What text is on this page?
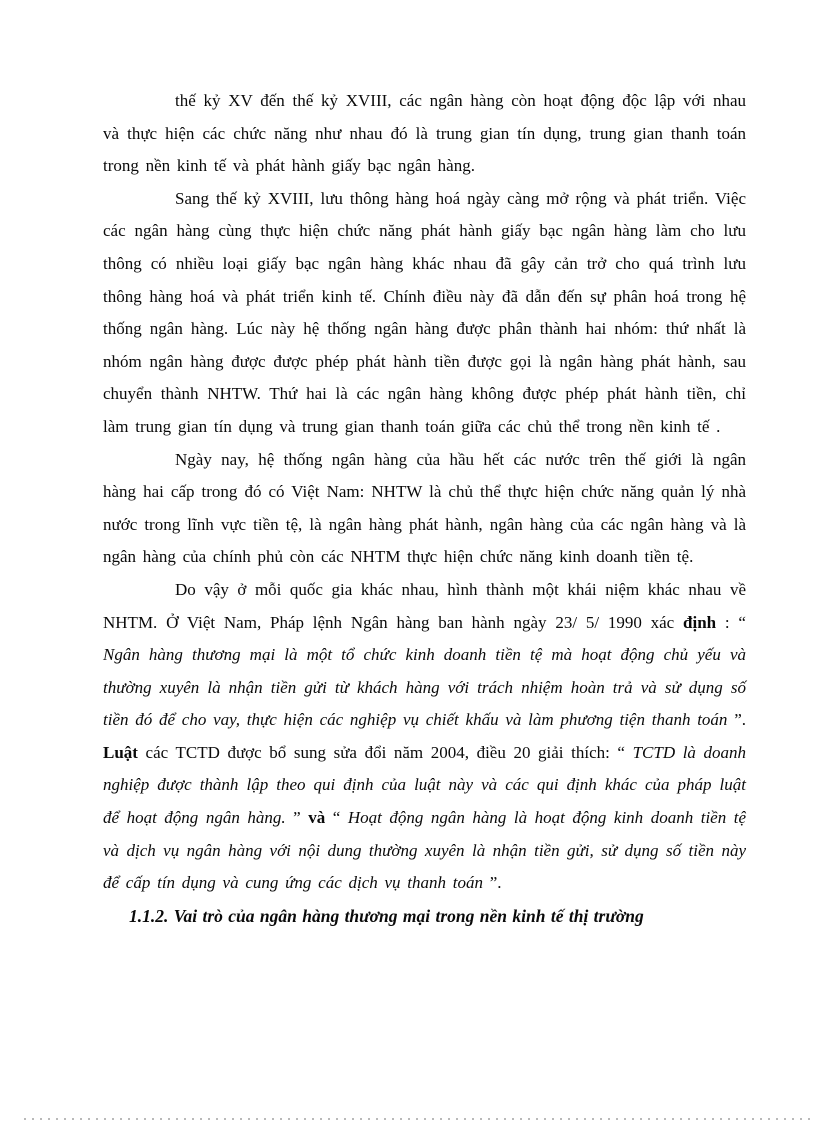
thế kỷ XV đến thế kỷ XVIII, các ngân hàng còn hoạt động độc lập với nhau và thực hiện các chức năng như nhau đó là trung gian tín dụng, trung gian thanh toán trong nền kinh tế và phát hành giấy bạc ngân hàng.

Sang thế kỷ XVIII, lưu thông hàng hoá ngày càng mở rộng và phát triển. Việc các ngân hàng cùng thực hiện chức năng phát hành giấy bạc ngân hàng làm cho lưu thông có nhiều loại giấy bạc ngân hàng khác nhau đã gây cản trở cho quá trình lưu thông hàng hoá và phát triển kinh tế. Chính điều này đã dẫn đến sự phân hoá trong hệ thống ngân hàng. Lúc này hệ thống ngân hàng được phân thành hai nhóm: thứ nhất là nhóm ngân hàng được được phép phát hành tiền được gọi là ngân hàng phát hành, sau chuyển thành NHTW. Thứ hai là các ngân hàng không được phép phát hành tiền, chỉ làm trung gian tín dụng và trung gian thanh toán giữa các chủ thể trong nền kinh tế .

Ngày nay, hệ thống ngân hàng của hầu hết các nước trên thế giới là ngân hàng hai cấp trong đó có Việt Nam: NHTW là chủ thể thực hiện chức năng quản lý nhà nước trong lĩnh vực tiền tệ, là ngân hàng phát hành, ngân hàng của các ngân hàng và là ngân hàng của chính phủ còn các NHTM thực hiện chức năng kinh doanh tiền tệ.

Do vậy ở mỗi quốc gia khác nhau, hình thành một khái niệm khác nhau về NHTM. Ở Việt Nam, Pháp lệnh Ngân hàng ban hành ngày 23/ 5/ 1990 xác định : “ Ngân hàng thương mại là một tổ chức kinh doanh tiền tệ mà hoạt động chủ yếu và thường xuyên là nhận tiền gửi từ khách hàng với trách nhiệm hoàn trả và sử dụng số tiền đó để cho vay, thực hiện các nghiệp vụ chiết khấu và làm phương tiện thanh toán ”. Luật các TCTD được bổ sung sửa đổi năm 2004, điều 20 giải thích: “ TCTD là doanh nghiệp được thành lập theo qui định của luật này và các qui định khác của pháp luật để hoạt động ngân hàng. ” và “ Hoạt động ngân hàng là hoạt động kinh doanh tiền tệ và dịch vụ ngân hàng với nội dung thường xuyên là nhận tiền gửi, sử dụng số tiền này để cấp tín dụng và cung ứng các dịch vụ thanh toán ”.

1.1.2. Vai trò của ngân hàng thương mại trong nền kinh tế thị trường
